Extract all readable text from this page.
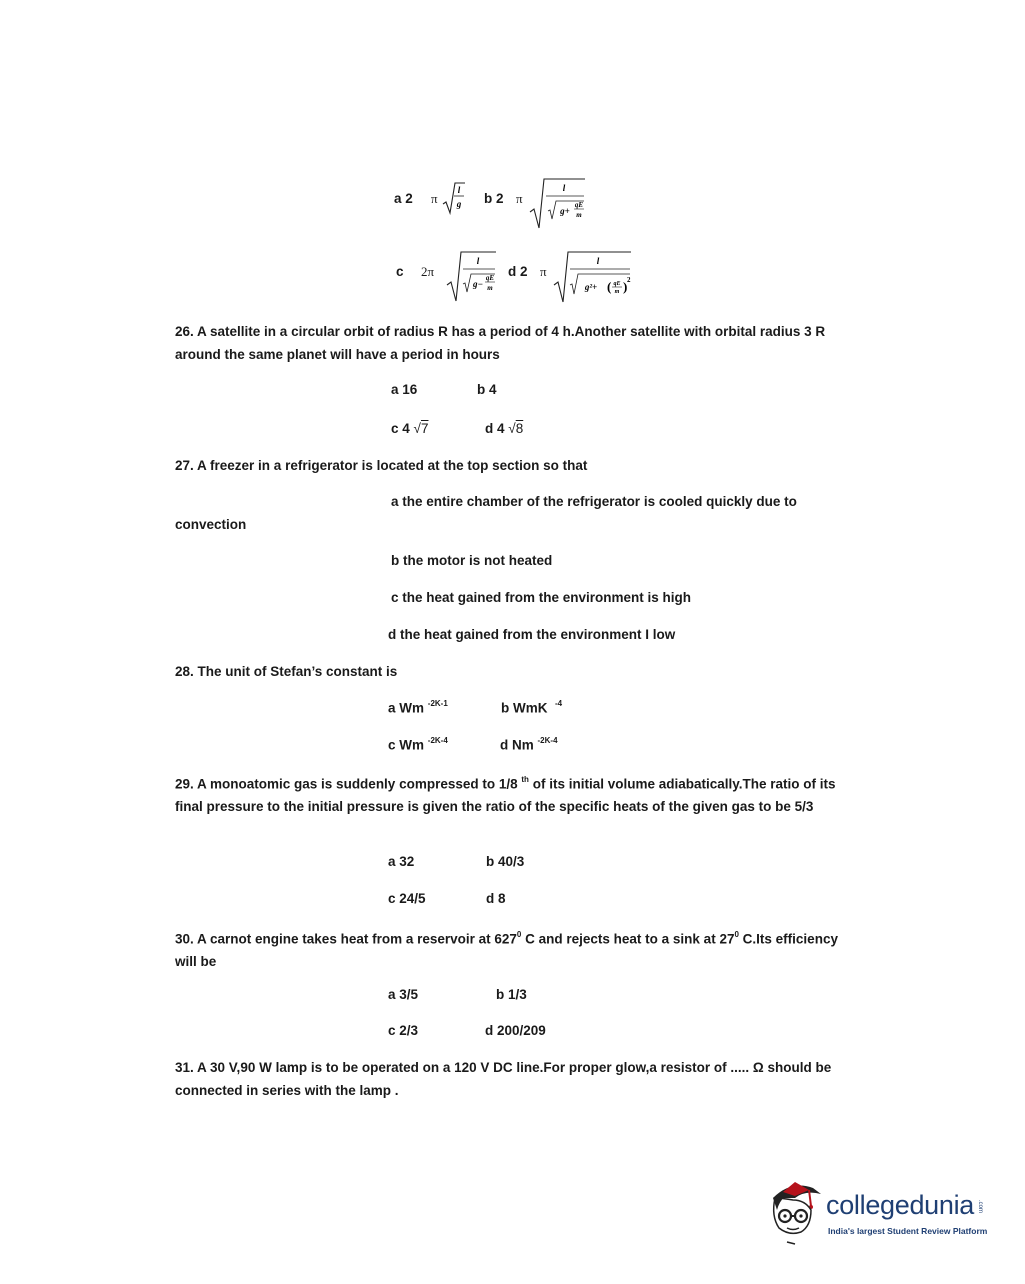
a 2 π
l
g b 2 π
l
g+
qE
m
c 2π
l
g−
qE
m
d 2 π
l
g²+ ( qE
m ) 2
26. A satellite in a circular orbit of radius R has a period of 4 h.Another satellite with orbital radius 3 R around the same planet will have a period in hours
a 16	b 4
c 4 √7	d 4 √8
27. A freezer in a refrigerator is located at the top section so that
a the entire chamber of the refrigerator is cooled quickly due to
convection
b the motor is not heated
c the heat gained from the environment is high
d the heat gained from the environment I low
28. The unit of Stefan’s constant is
a Wm $^{-2K-1}$	b WmK $^{-4}$
c Wm $^{-2K-4}$	d Nm $^{-2K-4}$
29. A monoatomic gas is suddenly compressed to 1/8 $^{th}$ of its initial volume adiabatically.The ratio of its final pressure to the initial pressure is given the ratio of the specific heats of the given gas to be 5/3
a 32	b 40/3
c 24/5	d 8
30. A carnot engine takes heat from a reservoir at $627^0$ C and rejects heat to a sink at $27^0$ C.Its efficiency will be
a 3/5	b 1/3
c 2/3	d 200/209
31. A 30 V,90 W lamp is to be operated on a 120 V DC line.For proper glow,a resistor of ..... Ω should be connected in series with the lamp .
collegedunia .com
India's largest Student Review Platform
